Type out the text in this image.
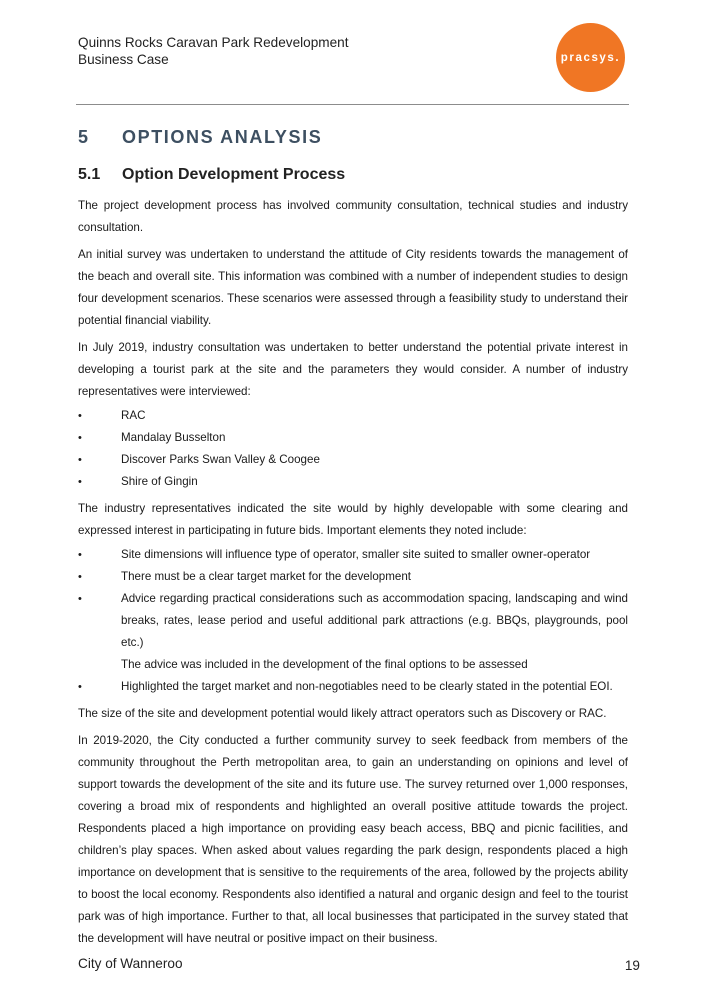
Quinns Rocks Caravan Park Redevelopment
Business Case	pracsys.
5	OPTIONS ANALYSIS
5.1	Option Development Process

The project development process has involved community consultation, technical studies and industry consultation.

An initial survey was undertaken to understand the attitude of City residents towards the management of the beach and overall site. This information was combined with a number of independent studies to design four development scenarios. These scenarios were assessed through a feasibility study to understand their potential financial viability.

In July 2019, industry consultation was undertaken to better understand the potential private interest in developing a tourist park at the site and the parameters they would consider. A number of industry representatives were interviewed:

•	RAC
•	Mandalay Busselton
•	Discover Parks Swan Valley & Coogee
•	Shire of Gingin

The industry representatives indicated the site would by highly developable with some clearing and expressed interest in participating in future bids. Important elements they noted include:

•	Site dimensions will influence type of operator, smaller site suited to smaller owner-operator
•	There must be a clear target market for the development
•	Advice regarding practical considerations such as accommodation spacing, landscaping and wind breaks, rates, lease period and useful additional park attractions (e.g. BBQs, playgrounds, pool etc.)
The advice was included in the development of the final options to be assessed
•	Highlighted the target market and non-negotiables need to be clearly stated in the potential EOI.

The size of the site and development potential would likely attract operators such as Discovery or RAC.

In 2019-2020, the City conducted a further community survey to seek feedback from members of the community throughout the Perth metropolitan area, to gain an understanding on opinions and level of support towards the development of the site and its future use. The survey returned over 1,000 responses, covering a broad mix of respondents and highlighted an overall positive attitude towards the project. Respondents placed a high importance on providing easy beach access, BBQ and picnic facilities, and children’s play spaces. When asked about values regarding the park design, respondents placed a high importance on development that is sensitive to the requirements of the area, followed by the projects ability to boost the local economy. Respondents also identified a natural and organic design and feel to the tourist park was of high importance. Further to that, all local businesses that participated in the survey stated that the development will have neutral or positive impact on their business.

City of Wanneroo	19
